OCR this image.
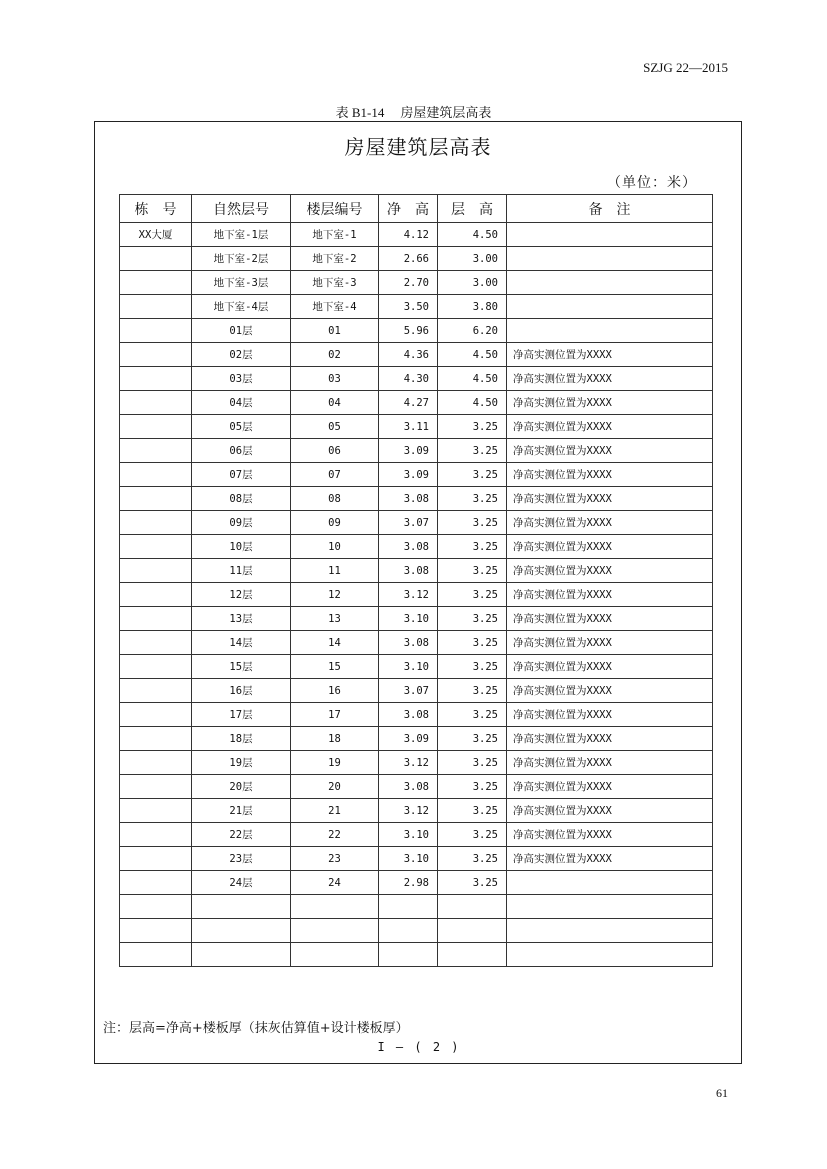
SZJG 22—2015
表 B1-14 房屋建筑层高表
房屋建筑层高表
（单位：米）
栋　号	自然层号	楼层编号	净　高	层　高	备　注
XX大厦	地下室-1层	地下室-1	4.12	4.50	
	地下室-2层	地下室-2	2.66	3.00	
	地下室-3层	地下室-3	2.70	3.00	
	地下室-4层	地下室-4	3.50	3.80	
	01层	01	5.96	6.20	
	02层	02	4.36	4.50	净高实测位置为XXXX
	03层	03	4.30	4.50	净高实测位置为XXXX
	04层	04	4.27	4.50	净高实测位置为XXXX
	05层	05	3.11	3.25	净高实测位置为XXXX
	06层	06	3.09	3.25	净高实测位置为XXXX
	07层	07	3.09	3.25	净高实测位置为XXXX
	08层	08	3.08	3.25	净高实测位置为XXXX
	09层	09	3.07	3.25	净高实测位置为XXXX
	10层	10	3.08	3.25	净高实测位置为XXXX
	11层	11	3.08	3.25	净高实测位置为XXXX
	12层	12	3.12	3.25	净高实测位置为XXXX
	13层	13	3.10	3.25	净高实测位置为XXXX
	14层	14	3.08	3.25	净高实测位置为XXXX
	15层	15	3.10	3.25	净高实测位置为XXXX
	16层	16	3.07	3.25	净高实测位置为XXXX
	17层	17	3.08	3.25	净高实测位置为XXXX
	18层	18	3.09	3.25	净高实测位置为XXXX
	19层	19	3.12	3.25	净高实测位置为XXXX
	20层	20	3.08	3.25	净高实测位置为XXXX
	21层	21	3.12	3.25	净高实测位置为XXXX
	22层	22	3.10	3.25	净高实测位置为XXXX
	23层	23	3.10	3.25	净高实测位置为XXXX
	24层	24	2.98	3.25	

注：层高=净高+楼板厚（抹灰估算值+设计楼板厚）
I – ( 2 )
61
